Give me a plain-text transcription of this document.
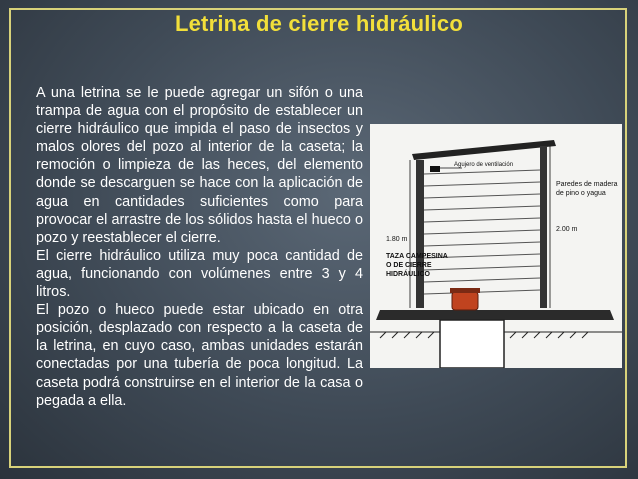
Letrina de cierre hidráulico

A una letrina se le puede agregar un sifón o una trampa de agua con el propósito de establecer un cierre hidráulico que impida el paso de insectos y malos olores del pozo al interior de la caseta; la remoción o limpieza de las heces, del elemento donde se descarguen se hace con la aplicación de agua en cantidades suficientes como para provocar el arrastre de los sólidos hasta el hueco o pozo y reestablecer el cierre.

El cierre hidráulico utiliza muy poca cantidad de agua, funcionando con volúmenes entre 3 y 4 litros.

El pozo o hueco puede estar ubicado en otra posición, desplazado con respecto a la caseta de la letrina, en cuyo caso, ambas unidades estarán conectadas por una tubería de poca longitud. La caseta podrá construirse en el interior de la casa o pegada a ella.

Agujero de ventilación
Paredes de madera
de pino o yagua
1.80 m
2.00 m
TAZA CAMPESINA
O DE CIERRE
HIDRÁULICO
